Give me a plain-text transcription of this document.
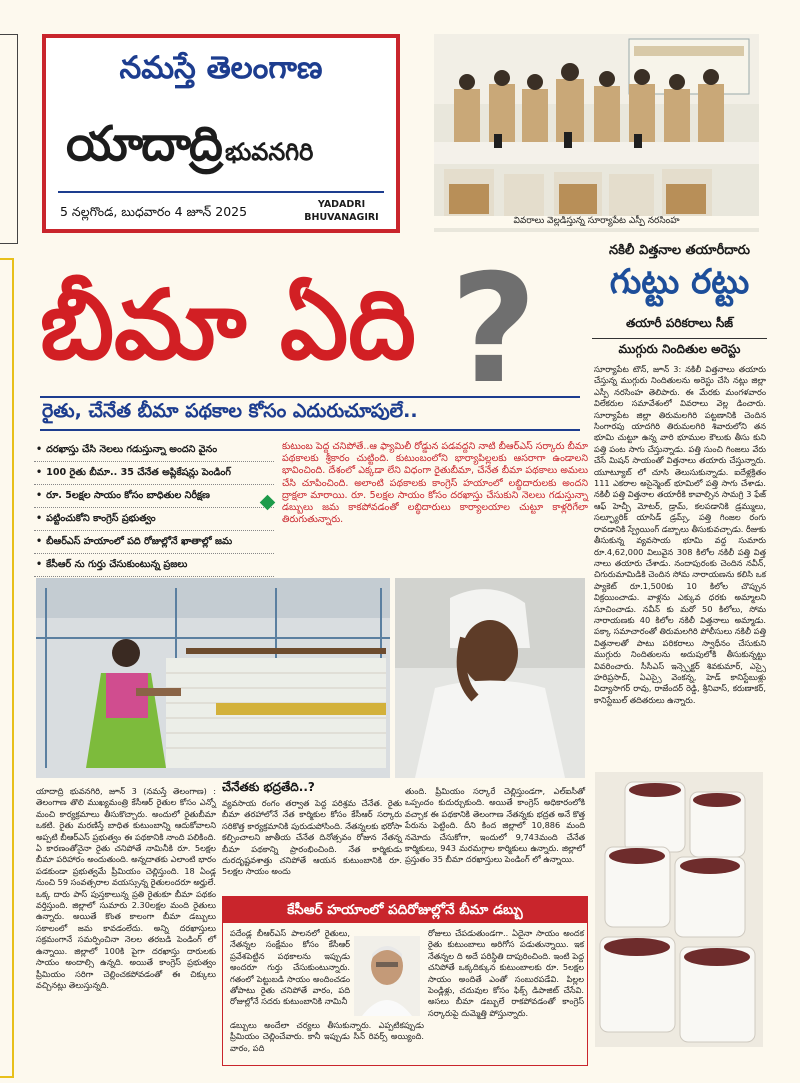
నమస్తే తెలంగాణ
యాదాద్రి భువనగిరి
5 నల్లగొండ, బుధవారం 4 జూన్ 2025	YADADRI
BHUVANAGIRI	వివరాలు వెల్లడిస్తున్న సూర్యాపేట ఎస్పీ నరసింహ
నకిలీ విత్తనాల తయారీదారు
గుట్టు రట్టు
తయారీ పరికరాలు సీజ్
ముగ్గురు నిందితుల అరెస్టు
సూర్యాపేట టౌన్, జూన్ 3: నకిలీ విత్తనాలు తయారు చేస్తున్న ముగ్గురు నిందితులను అరెస్టు చేసి నట్లు జిల్లా ఎస్పీ నరసింహ తెలిపారు. ఈ మేరకు మంగళవారం విలేకరుల సమావేశంలో వివరాలు వెల్ల డించారు. సూర్యాపేట జిల్లా తిరుమలగిరి పట్టణానికి చెందిన సింగారపు యాదగిరి తిరుమలగిరి శివారులోని తన భూమి చుట్టూ ఉన్న వారి భూముల కౌలుకు తీసు కుని పత్తి పంట సాగు చేస్తున్నాడు. పత్తి సుంచి గింజలు వేరు చేసే మిషన్ సాయంతో విత్తనాలు తయారు చేస్తున్నారు. యూట్యూబ్ లో చూసి తెలుసుకున్నాడు. ఐదేళ్లక్రితం 111 ఎకరాల అసైన్మెంట్ భూమిలో పత్తి సాగు చేశాడు. నకిలీ పత్తి విత్తనాల తయారీకి కావాల్సిన సామగ్రి 3 ఫేజ్ ఆఫ్ హెచ్పీ మోటర్, డ్రామ్, కలపడానికి డ్రమ్ములు, సల్ఫ్యూరిక్ యాసిడ్ డ్రమ్స్, పత్తి గింజల రంగు రావడానికి స్ప్రేయింగ్ డబ్బాలు తీసుకువచ్చాడు. రీజుకు తీసుకున్న వ్యవసాయ భూమి వద్ద సుమారు రూ.4,62,000 విలువైన 308 కిలోల నకిలీ పత్తి విత్త నాలు తయారు చేశాడు. నందాపురంకు చెందిన నవీన్, చిగురుమామిడికి చెందిన సోమ నారాయణను కలిసి ఒక ప్యాకెట్ రూ.1,500కు 10 కిలోల చొప్పున విక్రయించాడు. వాళ్లను ఎక్కువ ధరకు అమ్మాలని సూచించాడు. నవీన్ కు మరో 50 కిలోలు, సోమ నారాయణకు 40 కిలోల నకిలీ విత్తనాలు అమ్మాడు. పక్కా సమాచారంతో తిరుమలగిరి పోలీసులు నకిలీ పత్తి విత్తనాలతో పాటు పరికరాలు స్వాధీనం చేసుకుని ముగ్గురు నిందితులను అదుపులోకి తీసుకున్నట్టు వివరించారు. సీసీఎస్ ఇన్స్పెక్టర్ శివకుమార్, ఎస్సై హరిప్రసాద్, ఏఎస్సై వెంకన్న, హెడ్ కానిస్టేబుళ్లు విద్యాసాగర్ రావు, రాజేందర్ రెడ్డి, శ్రీనివాస్, కరుణాకర్, కానిస్టేబుల్ తదితరులు ఉన్నారు.
బీమా ఏది ?
రైతు, చేనేత బీమా పథకాల కోసం ఎదురుచూపులే..
• దరఖాస్తు చేసి నెలలు గడుస్తున్నా అందని వైనం
• 100 రైతు బీమా.. 35 చేనేత అప్లికేషన్లు పెండింగ్
• రూ. 5లక్షల సాయం కోసం బాధితుల నిరీక్షణ
• పట్టించుకోని కాంగ్రెస్ ప్రభుత్వం
• బీఆర్ఎస్ హయాంలో పది రోజుల్లోనే ఖాతాల్లో జమ
• కేసీఆర్ ను గుర్తు చేసుకుంటున్న ప్రజలు
కుటుంబ పెద్ద చనిపోతే..ఆ ఫ్యామిలీ రోడ్డున పడవద్దని నాటి బీఆర్ఎస్ సర్కారు బీమా పథకాలకు శ్రీకారం చుట్టింది. కుటుంబంలోని భార్యాపిల్లలకు ఆసరాగా ఉండాలని భావించింది. దేశంలో ఎక్కడా లేని విధంగా రైతుబీమా, చేనేత బీమా పథకాలు అమలు చేసి చూపించింది. అలాంటి పథకాలకు కాంగ్రెస్ హయాంలో లబ్ధిదారులకు అందని ద్రాక్షలా మారాయి. రూ. 5లక్షల సాయం కోసం దరఖాస్తు చేసుకుని నెలలు గడుస్తున్నా డబ్బులు జమ కాకపోవడంతో లబ్ధిదారులు కార్యాలయాల చుట్టూ కాళ్లరిగేలా తిరుగుతున్నారు.
యాదాద్రి భువనగిరి, జూన్ 3 (నమస్తే తెలంగాణ) : తెలంగాణ తొలి ముఖ్యమంత్రి కేసీఆర్ రైతుల కోసం ఎన్నో మంచి కార్యక్రమాలు తీసుకొచ్చారు. అందులో రైతుబీమా ఒకటి. రైతు మరణిస్తే బాధిత కుటుంబాన్ని ఆదుకోవాలని అప్పటి బీఆర్ఎస్ ప్రభుత్వం ఈ పథకానికి నాంది పలికింది. ఏ కారణంతోనైనా రైతు చనిపోతే నామినీకి రూ. 5లక్షల బీమా పరిహారం అందుతుంది. అన్నదాతకు ఎలాంటి భారం పడకుండా ప్రభుత్వమే ప్రీమియం చెల్లిస్తుంది. 18 ఏండ్ల నుంచి 59 సంవత్సరాల వయస్సున్న రైతులందరూ అర్హులే. ఒక్క దారు పాస్ పుస్తకాలున్న ప్రతి రైతుకూ బీమా పథకం వర్తిస్తుంది. జిల్లాలో సుమారు 2.30లక్షల మంది రైతులు ఉన్నారు. అయితే కొంత కాలంగా బీమా డబ్బులు సకాలంలో జమ కావడంలేదు. అన్ని దరఖాస్తులు సక్రమంగానే సమర్పించినా నెలల తరబడి పెండింగ్ లో ఉన్నాయి. జిల్లాలో 100కి పైగా దరఖాస్తు దారులకు సాయం అందాల్సి ఉన్నది. అయితే కాంగ్రెస్ ప్రభుత్వం ప్రీమియం సరిగా చెల్లించకపోవడంతో ఈ చిక్కులు వచ్చినట్లు తెలుస్తున్నది.
చేనేతకు భద్రతేది..?
వ్యవసాయ రంగం తర్వాత పెద్ద పరిశ్రమ చేనేత. రైతు బీమా తరహాలోనే నేత కార్మికుల కోసం కేసీఆర్ సర్కారు సరికొత్త కార్యక్రమానికి పురుడుపోసింది. నేతన్నలకు భరోసా కల్పించాలని జాతీయ చేనేత దినోత్సవం రోజున నేతన్న బీమా పథకాన్ని ప్రారంభించింది. నేత కార్మికుడు దురదృష్టవశాత్తు చనిపోతే ఆయన కుటుంబానికి రూ. 5లక్షల సాయం అందు
తుంది. ప్రీమియం సర్కారే చెల్లిస్తుండగా, ఎల్ఐసీతో ఒప్పందం కుదుర్చుకుంది. అయితే కాంగ్రెస్ అధికారంలోకి వచ్చాక ఈ పథకానికి తెలంగాణ నేతన్నకు భద్రత అనే కొత్త పేరును పెట్టింది. దీని కింద జిల్లాలో 10,886 మంది నమోదు చేసుకోగా, ఇందులో 9,743మంది చేనేత కార్మికులు, 943 మరమగ్గాల కార్మికులు ఉన్నారు. జిల్లాలో ప్రస్తుతం 35 బీమా దరఖాస్తులు పెండింగ్ లో ఉన్నాయి.
కేసీఆర్ హయాంలో పదిరోజుల్లోనే బీమా డబ్బు
పదేండ్ల బీఆర్ఎస్ పాలనలో రైతులు, నేతన్నల సంక్షేమం కోసం కేసీఆర్ ప్రవేశపెట్టిన పథకాలను ఇప్పుడు అందరూ గుర్తు చేసుకుంటున్నారు. గతంలో పెట్టుబడి సాయం అందించడం తోపాటు రైతు చనిపోతే వారం, పది రోజుల్లోనే సదరు కుటుంబానికి నామినీ
రోజులు చేపడుతుండగా.. ఏదైనా సాయం అందక రైతు కుటుంబాలు అరిగోస పడుతున్నాయి. ఇక నేతన్నల ది అదే పరిస్థితి దాపురించింది. ఇంటి పెద్ద చనిపోతే ఒక్కదిక్కున కుటుంబాలకు రూ. 5లక్షల సాయం అందితే ఎంతో సంబురపడేవి. పిల్లల పెండ్లిళ్లు, చదువుల కోసం ఫిక్స్ డిపాజిట్ చేసేవి. అసలు బీమా డబ్బులే రాకపోవడంతో కాంగ్రెస్ సర్కారుపై దుమ్మెత్తి పోస్తున్నారు.
డబ్బులు అందేలా చర్యలు తీసుకున్నారు. ఎప్పటికప్పుడు ప్రీమియం చెల్లించేవారు. కానీ ఇప్పుడు సీన్ రివర్స్ అయ్యింది. వారం, పది
